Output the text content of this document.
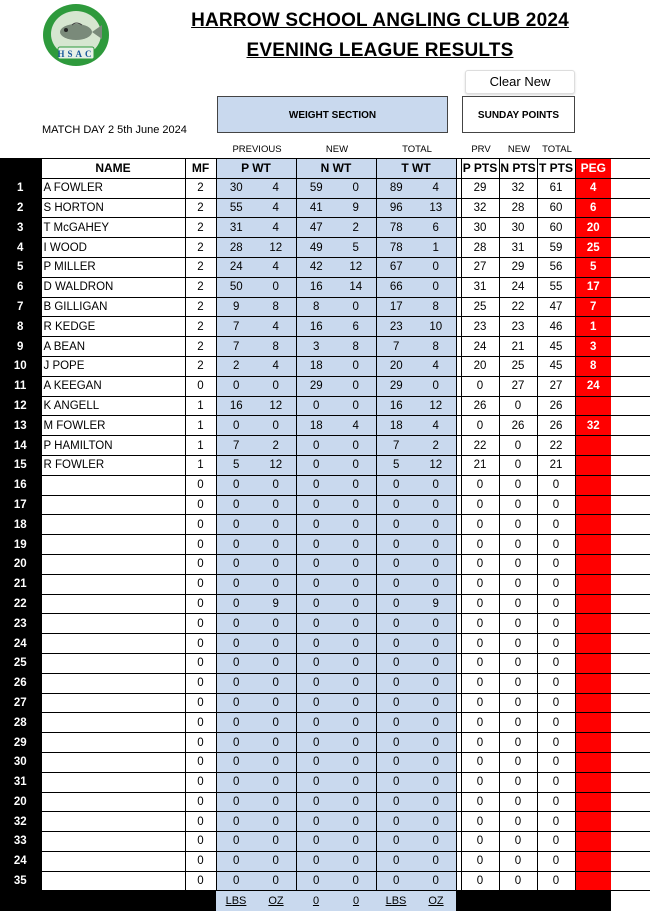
HSAC
HARROW SCHOOL ANGLING CLUB 2024
EVENING LEAGUE RESULTS
Clear New
WEIGHT SECTION	SUNDAY POINTS
MATCH DAY 2 5th June 2024
PREVIOUS	NEW	TOTAL	PRV	NEW	TOTAL
	NAME	MF	P WT		N WT		T WT			P PTS	N PTS	T PTS	PEG	
1	A FOWLER	2	30	4	59	0	89	4		29	32	61	4	
2	S HORTON	2	55	4	41	9	96	13		32	28	60	6	
3	T McGAHEY	2	31	4	47	2	78	6		30	30	60	20	
4	I WOOD	2	28	12	49	5	78	1		28	31	59	25	
5	P MILLER	2	24	4	42	12	67	0		27	29	56	5	
6	D WALDRON	2	50	0	16	14	66	0		31	24	55	17	
7	B GILLIGAN	2	9	8	8	0	17	8		25	22	47	7	
8	R KEDGE	2	7	4	16	6	23	10		23	23	46	1	
9	A BEAN	2	7	8	3	8	7	8		24	21	45	3	
10	J POPE	2	2	4	18	0	20	4		20	25	45	8	
11	A KEEGAN	0	0	0	29	0	29	0		0	27	27	24	
12	K ANGELL	1	16	12	0	0	16	12		26	0	26		
13	M FOWLER	1	0	0	18	4	18	4		0	26	26	32	
14	P HAMILTON	1	7	2	0	0	7	2		22	0	22		
15	R FOWLER	1	5	12	0	0	5	12		21	0	21		
16		0	0	0	0	0	0	0		0	0	0		
17		0	0	0	0	0	0	0		0	0	0		
18		0	0	0	0	0	0	0		0	0	0		
19		0	0	0	0	0	0	0		0	0	0		
20		0	0	0	0	0	0	0		0	0	0		
21		0	0	0	0	0	0	0		0	0	0		
22		0	0	9	0	0	0	9		0	0	0		
23		0	0	0	0	0	0	0		0	0	0		
24		0	0	0	0	0	0	0		0	0	0		
25		0	0	0	0	0	0	0		0	0	0		
26		0	0	0	0	0	0	0		0	0	0		
27		0	0	0	0	0	0	0		0	0	0		
28		0	0	0	0	0	0	0		0	0	0		
29		0	0	0	0	0	0	0		0	0	0		
30		0	0	0	0	0	0	0		0	0	0		
31		0	0	0	0	0	0	0		0	0	0		
20		0	0	0	0	0	0	0		0	0	0		
32		0	0	0	0	0	0	0		0	0	0		
33		0	0	0	0	0	0	0		0	0	0		
24		0	0	0	0	0	0	0		0	0	0		
35		0	0	0	0	0	0	0		0	0	0		
			LBS	OZ	0	0	LBS	OZ						
